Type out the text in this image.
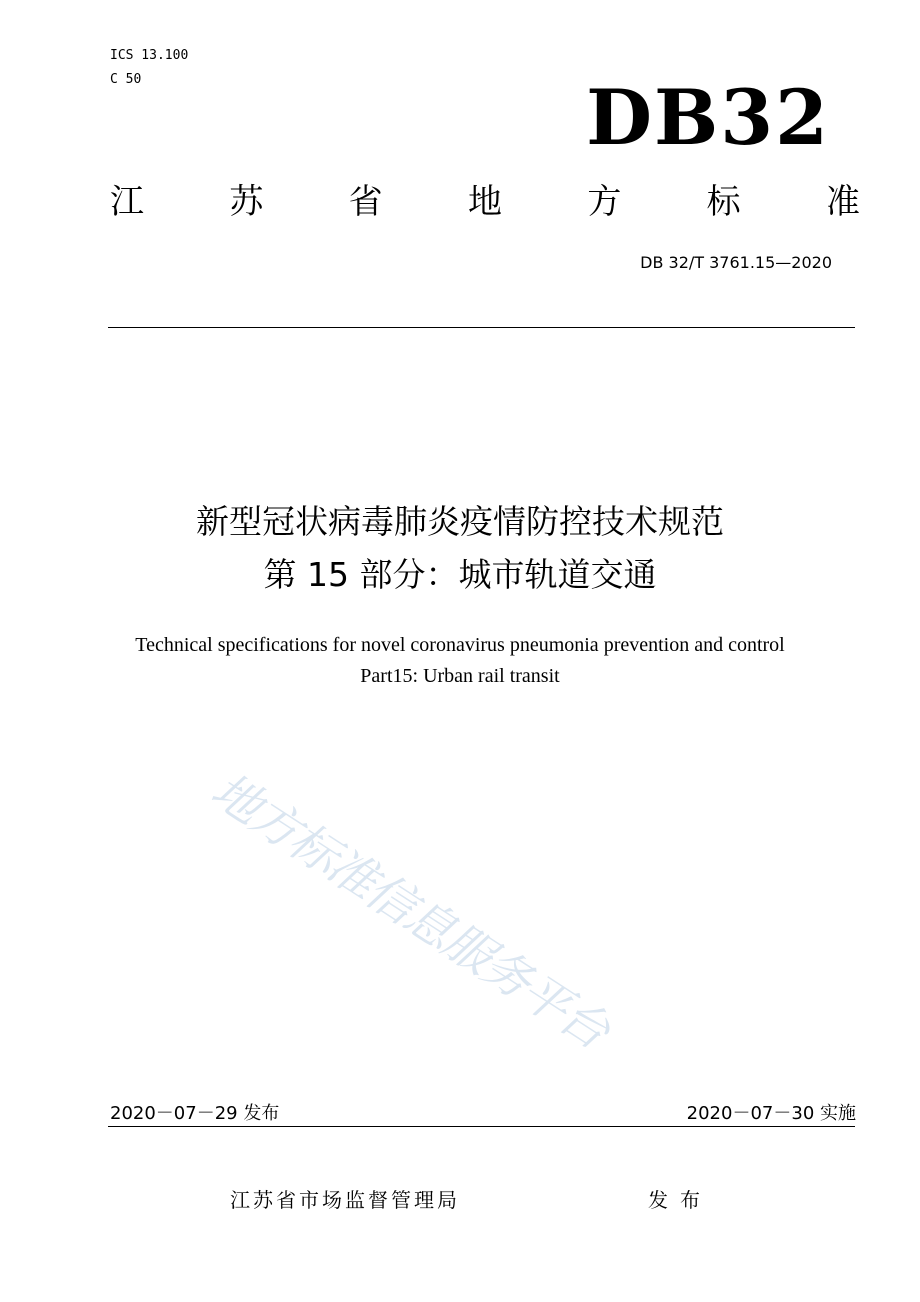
ICS 13.100
C 50	DB32
江	苏	省	地	方	标	准
DB 32/T 3761.15—2020
新型冠状病毒肺炎疫情防控技术规范
第 15 部分：城市轨道交通
Technical specifications for novel coronavirus pneumonia prevention and control
Part15: Urban rail transit
地方标准信息服务平台
2020－07－29 发布	2020－07－30 实施
江苏省市场监督管理局	发布
